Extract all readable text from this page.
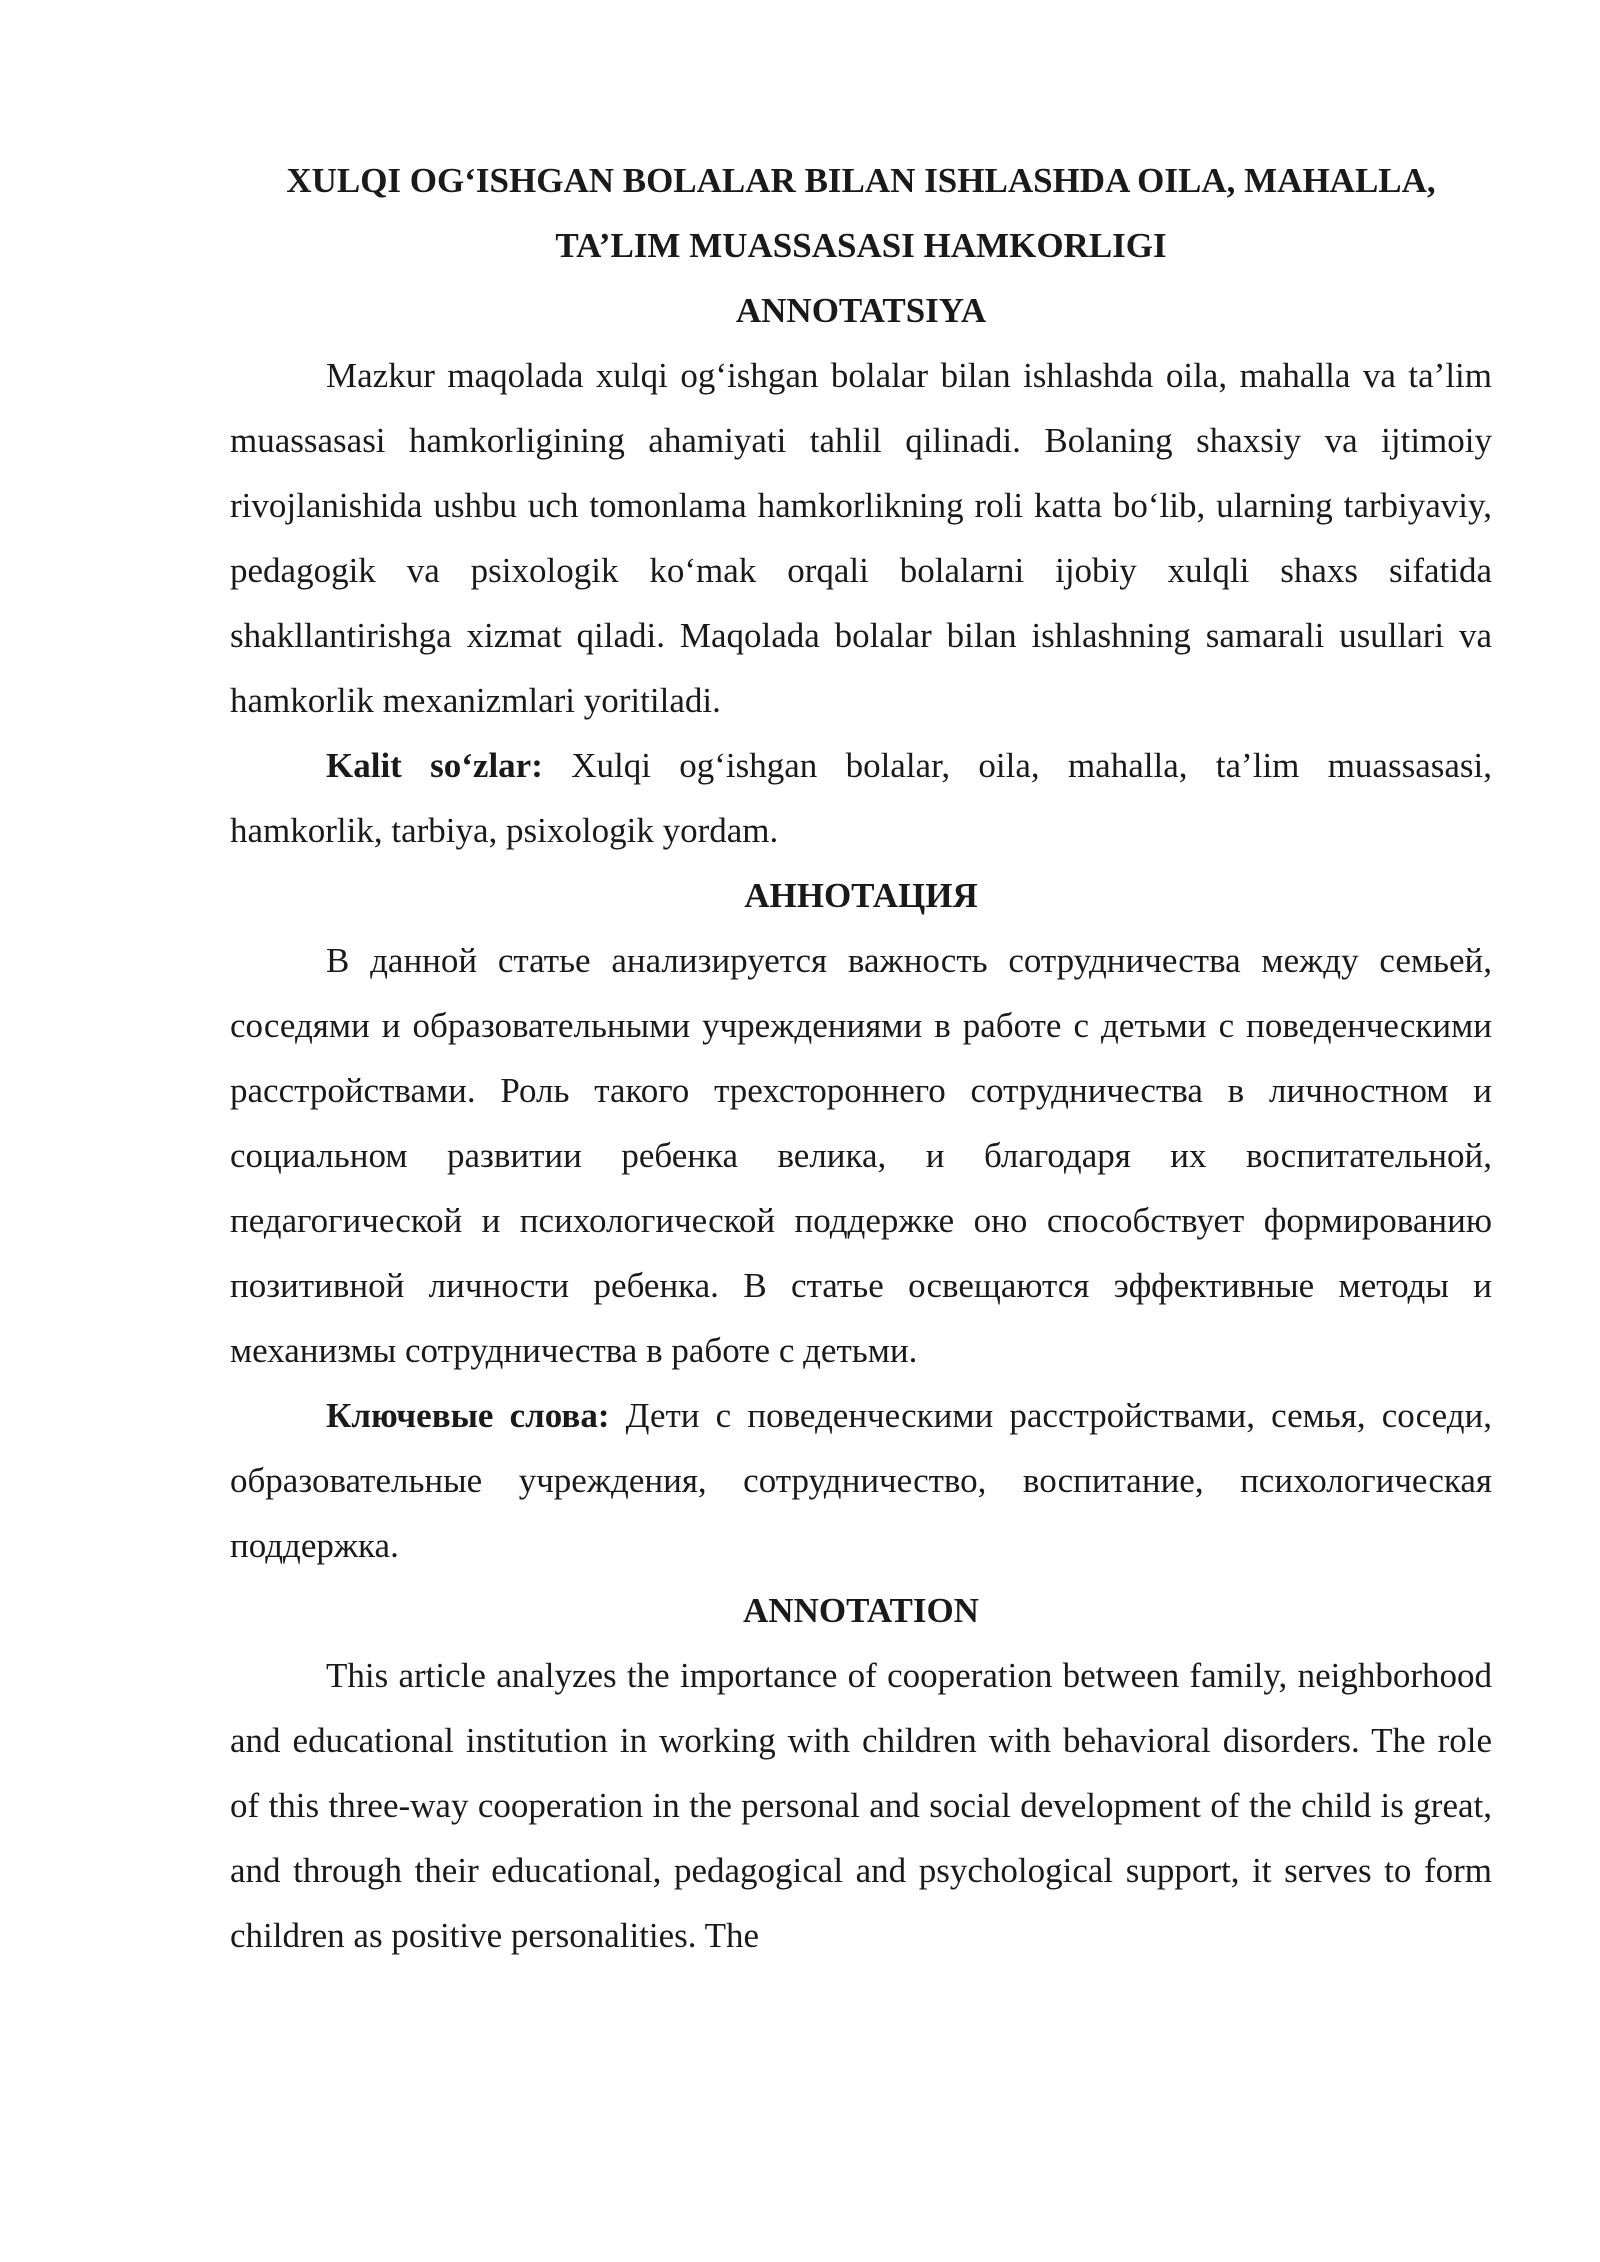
XULQI OG‘ISHGAN BOLALAR BILAN ISHLASHDA OILA, MAHALLA,

TA’LIM MUASSASASI HAMKORLIGI

ANNOTATSIYA

Mazkur maqolada xulqi og‘ishgan bolalar bilan ishlashda oila, mahalla va ta’lim muassasasi hamkorligining ahamiyati tahlil qilinadi. Bolaning shaxsiy va ijtimoiy rivojlanishida ushbu uch tomonlama hamkorlikning roli katta bo‘lib, ularning tarbiyaviy, pedagogik va psixologik ko‘mak orqali bolalarni ijobiy xulqli shaxs sifatida shakllantirishga xizmat qiladi. Maqolada bolalar bilan ishlashning samarali usullari va hamkorlik mexanizmlari yoritiladi.

Kalit so‘zlar: Xulqi og‘ishgan bolalar, oila, mahalla, ta’lim muassasasi, hamkorlik, tarbiya, psixologik yordam.

АННОТАЦИЯ

В данной статье анализируется важность сотрудничества между семьей, соседями и образовательными учреждениями в работе с детьми с поведенческими расстройствами. Роль такого трехстороннего сотрудничества в личностном и социальном развитии ребенка велика, и благодаря их воспитательной, педагогической и психологической поддержке оно способствует формированию позитивной личности ребенка. В статье освещаются эффективные методы и механизмы сотрудничества в работе с детьми.

Ключевые слова: Дети с поведенческими расстройствами, семья, соседи, образовательные учреждения, сотрудничество, воспитание, психологическая поддержка.

ANNOTATION

This article analyzes the importance of cooperation between family, neighborhood and educational institution in working with children with behavioral disorders. The role of this three-way cooperation in the personal and social development of the child is great, and through their educational, pedagogical and psychological support, it serves to form children as positive personalities. The
